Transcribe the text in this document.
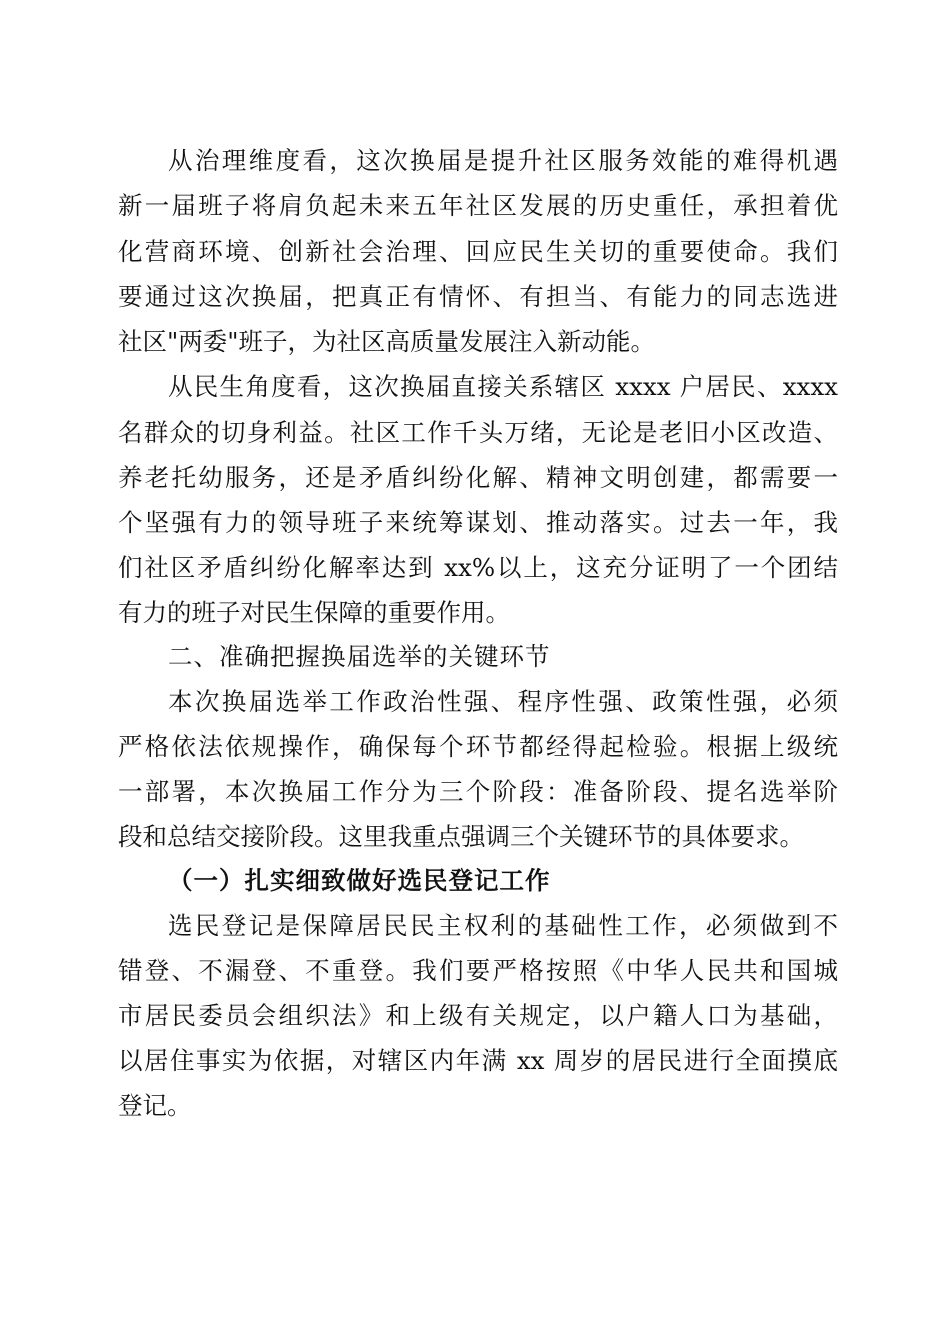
从治理维度看，这次换届是提升社区服务效能的难得机遇
新一届班子将肩负起未来五年社区发展的历史重任，承担着优
化营商环境、创新社会治理、回应民生关切的重要使命。我们
要通过这次换届，把真正有情怀、有担当、有能力的同志选进
社区"两委"班子，为社区高质量发展注入新动能。
从民生角度看，这次换届直接关系辖区 xxxx 户居民、xxxx
名群众的切身利益。社区工作千头万绪，无论是老旧小区改造、
养老托幼服务，还是矛盾纠纷化解、精神文明创建，都需要一
个坚强有力的领导班子来统筹谋划、推动落实。过去一年，我
们社区矛盾纠纷化解率达到 xx%以上，这充分证明了一个团结
有力的班子对民生保障的重要作用。
二、准确把握换届选举的关键环节
本次换届选举工作政治性强、程序性强、政策性强，必须
严格依法依规操作，确保每个环节都经得起检验。根据上级统
一部署，本次换届工作分为三个阶段：准备阶段、提名选举阶
段和总结交接阶段。这里我重点强调三个关键环节的具体要求。
（一）扎实细致做好选民登记工作
选民登记是保障居民民主权利的基础性工作，必须做到不
错登、不漏登、不重登。我们要严格按照《中华人民共和国城
市居民委员会组织法》和上级有关规定，以户籍人口为基础，
以居住事实为依据，对辖区内年满 xx 周岁的居民进行全面摸底
登记。
